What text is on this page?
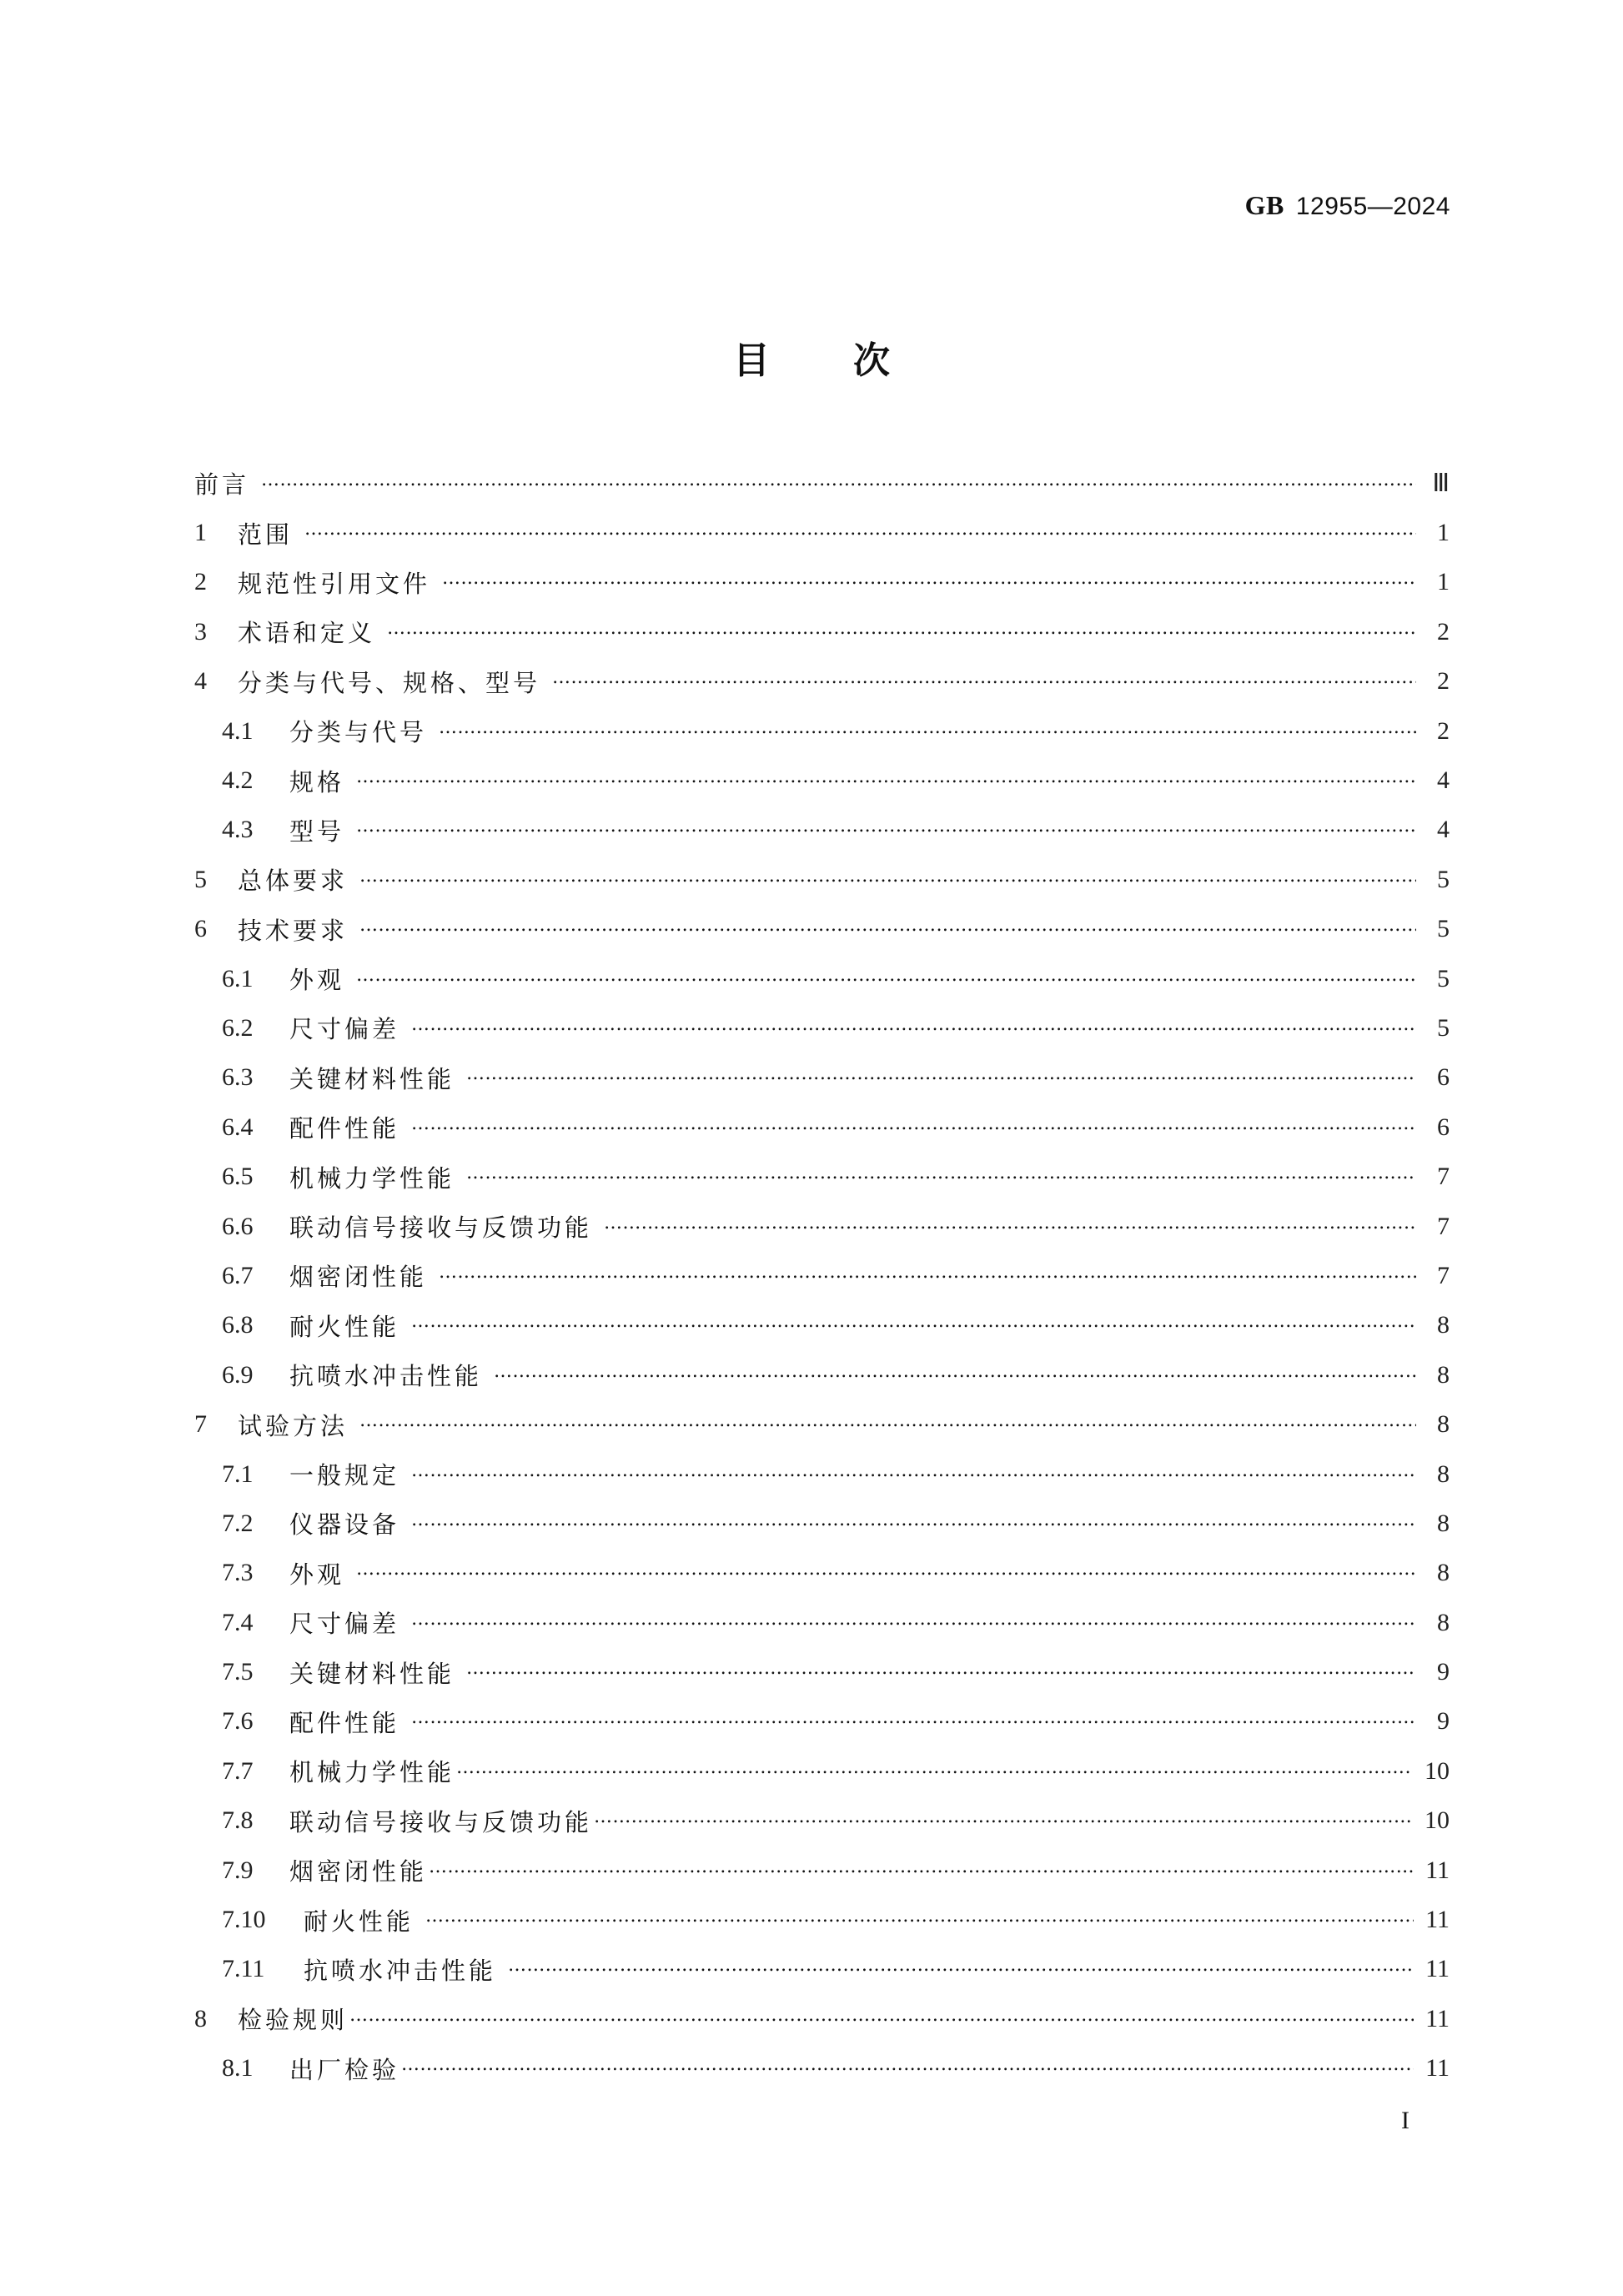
GB 12955—2024
目 次
前言 …………………………………………………………………………………………………………………………………………………………………………………………	Ⅲ
1	范围 …………………………………………………………………………………………………………………………………………………………………………………………	1
2	规范性引用文件 …………………………………………………………………………………………………………………………………………………………………………………………	1
3	术语和定义 …………………………………………………………………………………………………………………………………………………………………………………………	2
4	分类与代号、规格、型号 …………………………………………………………………………………………………………………………………………………………………………………………	2
4.1	分类与代号 …………………………………………………………………………………………………………………………………………………………………………………………	2
4.2	规格 …………………………………………………………………………………………………………………………………………………………………………………………	4
4.3	型号 …………………………………………………………………………………………………………………………………………………………………………………………	4
5	总体要求 …………………………………………………………………………………………………………………………………………………………………………………………	5
6	技术要求 …………………………………………………………………………………………………………………………………………………………………………………………	5
6.1	外观 …………………………………………………………………………………………………………………………………………………………………………………………	5
6.2	尺寸偏差 …………………………………………………………………………………………………………………………………………………………………………………………	5
6.3	关键材料性能 …………………………………………………………………………………………………………………………………………………………………………………………	6
6.4	配件性能 …………………………………………………………………………………………………………………………………………………………………………………………	6
6.5	机械力学性能 …………………………………………………………………………………………………………………………………………………………………………………………	7
6.6	联动信号接收与反馈功能 …………………………………………………………………………………………………………………………………………………………………………………………	7
6.7	烟密闭性能 …………………………………………………………………………………………………………………………………………………………………………………………	7
6.8	耐火性能 …………………………………………………………………………………………………………………………………………………………………………………………	8
6.9	抗喷水冲击性能 …………………………………………………………………………………………………………………………………………………………………………………………	8
7	试验方法 …………………………………………………………………………………………………………………………………………………………………………………………	8
7.1	一般规定 …………………………………………………………………………………………………………………………………………………………………………………………	8
7.2	仪器设备 …………………………………………………………………………………………………………………………………………………………………………………………	8
7.3	外观 …………………………………………………………………………………………………………………………………………………………………………………………	8
7.4	尺寸偏差 …………………………………………………………………………………………………………………………………………………………………………………………	8
7.5	关键材料性能 …………………………………………………………………………………………………………………………………………………………………………………………	9
7.6	配件性能 …………………………………………………………………………………………………………………………………………………………………………………………	9
7.7	机械力学性能 …………………………………………………………………………………………………………………………………………………………………………………………	10
7.8	联动信号接收与反馈功能 …………………………………………………………………………………………………………………………………………………………………………………………	10
7.9	烟密闭性能 …………………………………………………………………………………………………………………………………………………………………………………………	11
7.10	耐火性能 …………………………………………………………………………………………………………………………………………………………………………………………	11
7.11	抗喷水冲击性能 …………………………………………………………………………………………………………………………………………………………………………………………	11
8	检验规则 …………………………………………………………………………………………………………………………………………………………………………………………	11
8.1	出厂检验 …………………………………………………………………………………………………………………………………………………………………………………………	11
I
